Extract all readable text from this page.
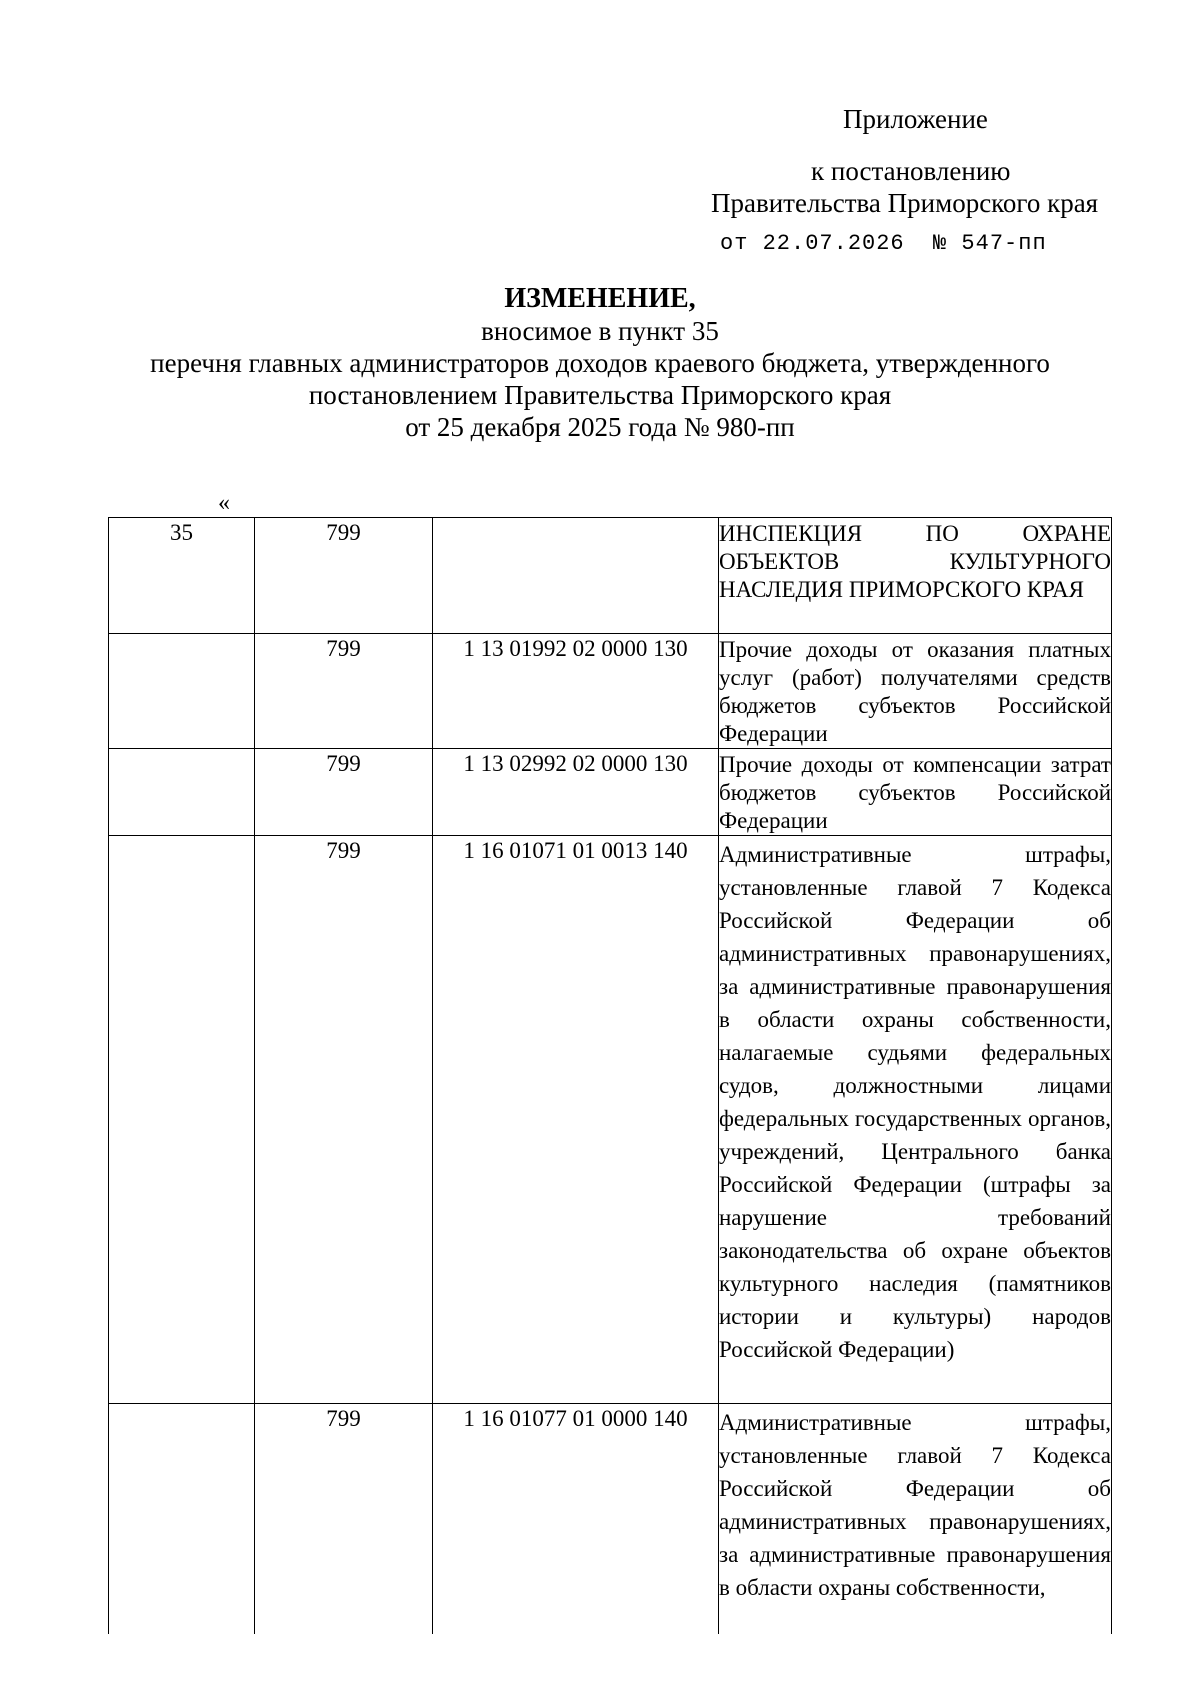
Приложение
к постановлению
Правительства Приморского края
от 22.07.2026  № 547-пп
ИЗМЕНЕНИЕ,
вносимое в пункт 35
перечня главных администраторов доходов краевого бюджета, утвержденного
постановлением Правительства Приморского края
от 25 декабря 2025 года № 980-пп
«
35	799		ИНСПЕКЦИЯ ПО ОХРАНЕ ОБЪЕКТОВ КУЛЬТУРНОГО НАСЛЕДИЯ ПРИМОРСКОГО КРАЯ
	799	1 13 01992 02 0000 130	Прочие доходы от оказания платных услуг (работ) получателями средств бюджетов субъектов Российской Федерации
	799	1 13 02992 02 0000 130	Прочие доходы от компенсации затрат бюджетов субъектов Российской Федерации
	799	1 16 01071 01 0013 140	Административные штрафы, установленные главой 7 Кодекса Российской Федерации об административных правонарушениях, за административные правонарушения в области охраны собственности, налагаемые судьями федеральных судов, должностными лицами федеральных государственных органов, учреждений, Центрального банка Российской Федерации (штрафы за нарушение требований законодательства об охране объектов культурного наследия (памятников истории и культуры) народов Российской Федерации)
	799	1 16 01077 01 0000 140	Административные штрафы, установленные главой 7 Кодекса Российской Федерации об административных правонарушениях, за административные правонарушения в области охраны собственности,
